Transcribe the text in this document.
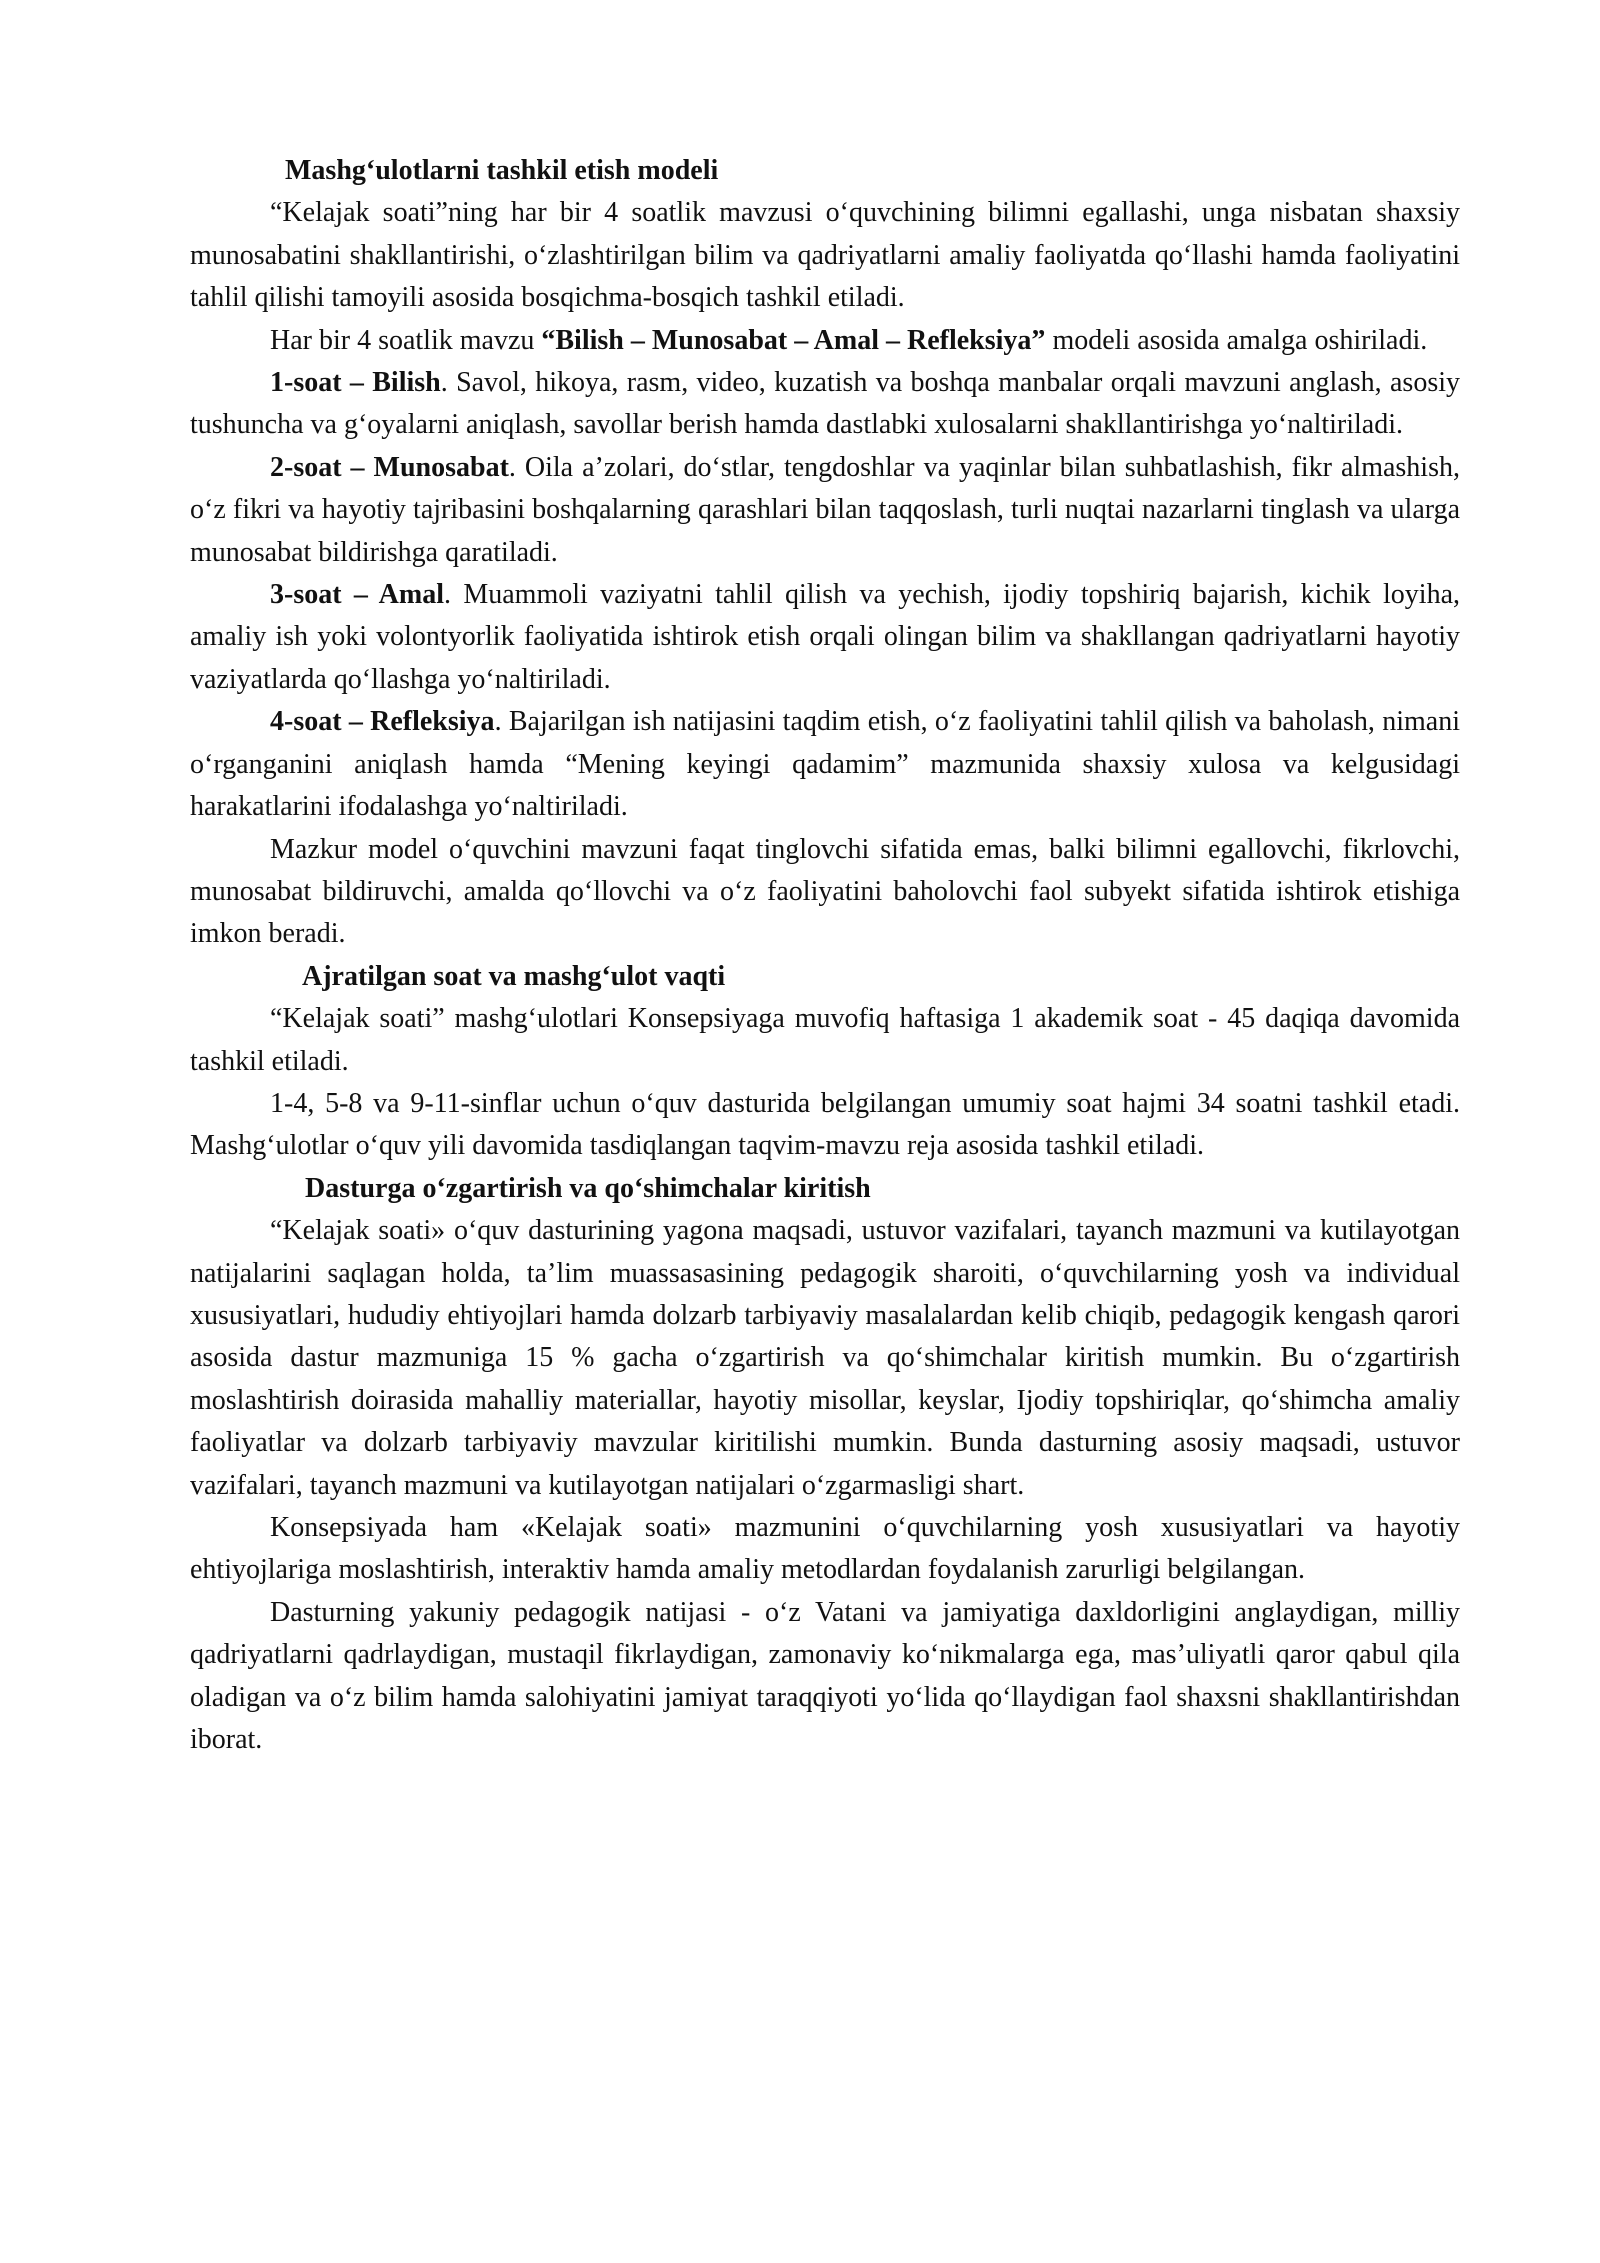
Mashg‘ulotlarni tashkil etish modeli

“Kelajak soati”ning har bir 4 soatlik mavzusi o‘quvchining bilimni egallashi, unga nisbatan shaxsiy munosabatini shakllantirishi, o‘zlashtirilgan bilim va qadriyatlarni amaliy faoliyatda qo‘llashi hamda faoliyatini tahlil qilishi tamoyili asosida bosqichma-bosqich tashkil etiladi.

Har bir 4 soatlik mavzu “Bilish – Munosabat – Amal – Refleksiya” modeli asosida amalga oshiriladi.

1-soat – Bilish. Savol, hikoya, rasm, video, kuzatish va boshqa manbalar orqali mavzuni anglash, asosiy tushuncha va g‘oyalarni aniqlash, savollar berish hamda dastlabki xulosalarni shakllantirishga yo‘naltiriladi.

2-soat – Munosabat. Oila a’zolari, do‘stlar, tengdoshlar va yaqinlar bilan suhbatlashish, fikr almashish, o‘z fikri va hayotiy tajribasini boshqalarning qarashlari bilan taqqoslash, turli nuqtai nazarlarni tinglash va ularga munosabat bildirishga qaratiladi.

3-soat – Amal. Muammoli vaziyatni tahlil qilish va yechish, ijodiy topshiriq bajarish, kichik loyiha, amaliy ish yoki volontyorlik faoliyatida ishtirok etish orqali olingan bilim va shakllangan qadriyatlarni hayotiy vaziyatlarda qo‘llashga yo‘naltiriladi.

4-soat – Refleksiya. Bajarilgan ish natijasini taqdim etish, o‘z faoliyatini tahlil qilish va baholash, nimani o‘rganganini aniqlash hamda “Mening keyingi qadamim” mazmunida shaxsiy xulosa va kelgusidagi harakatlarini ifodalashga yo‘naltiriladi.

Mazkur model o‘quvchini mavzuni faqat tinglovchi sifatida emas, balki bilimni egallovchi, fikrlovchi, munosabat bildiruvchi, amalda qo‘llovchi va o‘z faoliyatini baholovchi faol subyekt sifatida ishtirok etishiga imkon beradi.

Ajratilgan soat va mashg‘ulot vaqti

“Kelajak soati” mashg‘ulotlari Konsepsiyaga muvofiq haftasiga 1 akademik soat - 45 daqiqa davomida tashkil etiladi.

1-4, 5-8 va 9-11-sinflar uchun o‘quv dasturida belgilangan umumiy soat hajmi 34 soatni tashkil etadi. Mashg‘ulotlar o‘quv yili davomida tasdiqlangan taqvim-mavzu reja asosida tashkil etiladi.

Dasturga o‘zgartirish va qo‘shimchalar kiritish

“Kelajak soati» o‘quv dasturining yagona maqsadi, ustuvor vazifalari, tayanch mazmuni va kutilayotgan natijalarini saqlagan holda, ta’lim muassasasining pedagogik sharoiti, o‘quvchilarning yosh va individual xususiyatlari, hududiy ehtiyojlari hamda dolzarb tarbiyaviy masalalardan kelib chiqib, pedagogik kengash qarori asosida dastur mazmuniga 15 % gacha o‘zgartirish va qo‘shimchalar kiritish mumkin. Bu o‘zgartirish moslashtirish doirasida mahalliy materiallar, hayotiy misollar, keyslar, Ijodiy topshiriqlar, qo‘shimcha amaliy faoliyatlar va dolzarb tarbiyaviy mavzular kiritilishi mumkin. Bunda dasturning asosiy maqsadi, ustuvor vazifalari, tayanch mazmuni va kutilayotgan natijalari o‘zgarmasligi shart.

Konsepsiyada ham «Kelajak soati» mazmunini o‘quvchilarning yosh xususiyatlari va hayotiy ehtiyojlariga moslashtirish, interaktiv hamda amaliy metodlardan foydalanish zarurligi belgilangan.

Dasturning yakuniy pedagogik natijasi - o‘z Vatani va jamiyatiga daxldorligini anglaydigan, milliy qadriyatlarni qadrlaydigan, mustaqil fikrlaydigan, zamonaviy ko‘nikmalarga ega, mas’uliyatli qaror qabul qila oladigan va o‘z bilim hamda salohiyatini jamiyat taraqqiyoti yo‘lida qo‘llaydigan faol shaxsni shakllantirishdan iborat.
